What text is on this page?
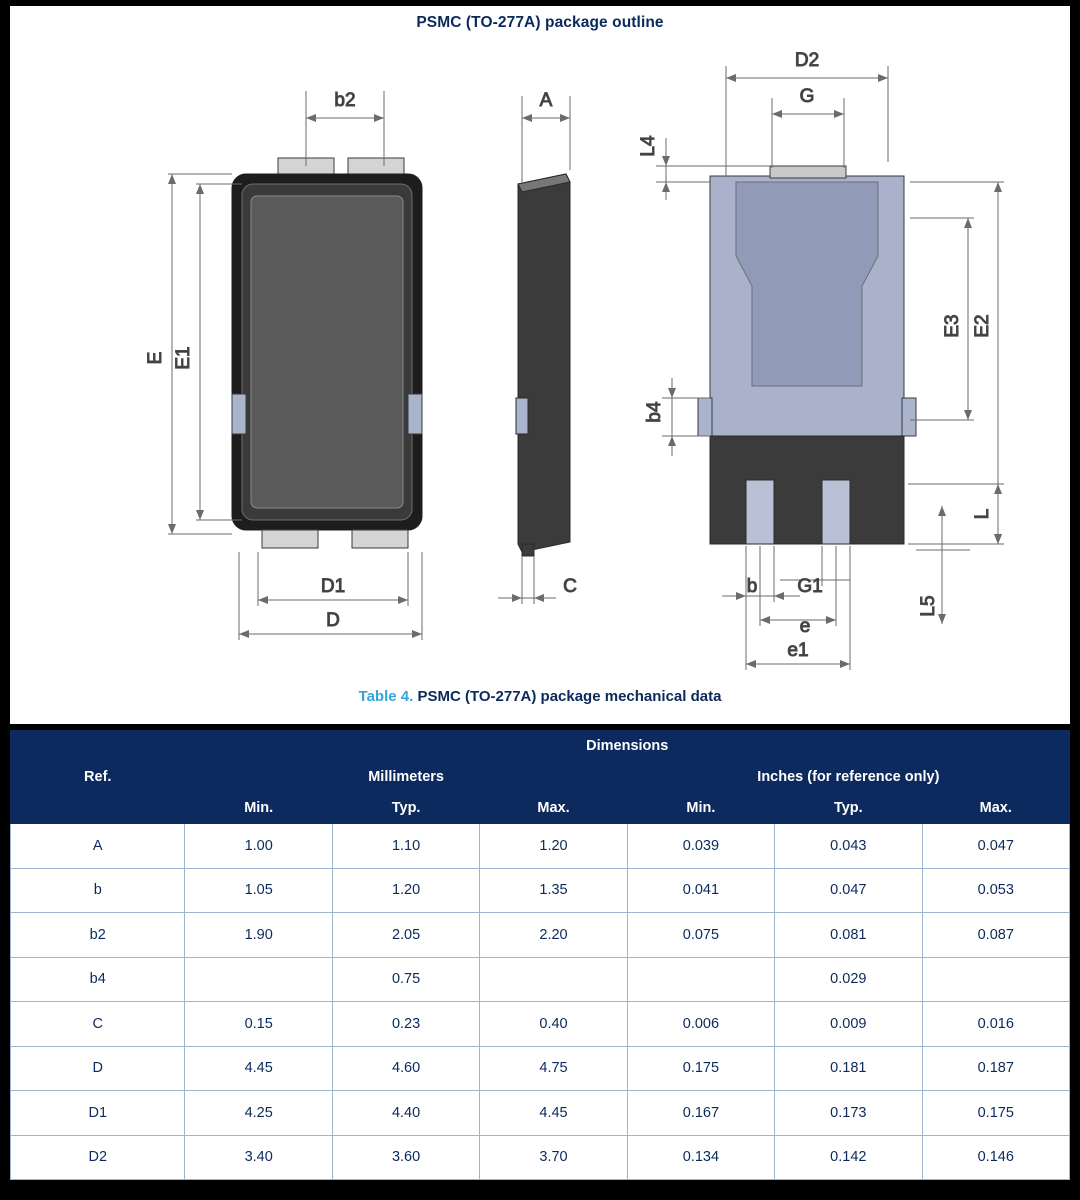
PSMC (TO-277A) package outline
b2
E E1
D1
D
A
C
D2
G
L4
E2
E3
b4
L
L5
b G1
e
e1
Table 4. PSMC (TO-277A) package mechanical data
Ref.	Dimensions					
	Millimeters			Inches (for reference only)		
	Min.	Typ.	Max.	Min.	Typ.	Max.
A	1.00	1.10	1.20	0.039	0.043	0.047
b	1.05	1.20	1.35	0.041	0.047	0.053
b2	1.90	2.05	2.20	0.075	0.081	0.087
b4		0.75			0.029	
C	0.15	0.23	0.40	0.006	0.009	0.016
D	4.45	4.60	4.75	0.175	0.181	0.187
D1	4.25	4.40	4.45	0.167	0.173	0.175
D2	3.40	3.60	3.70	0.134	0.142	0.146
